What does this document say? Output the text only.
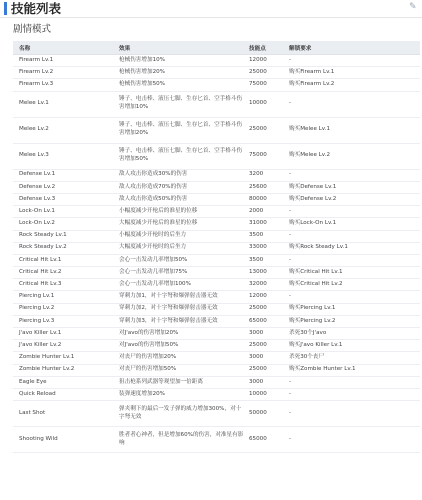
技能列表	✎
剧情模式
名称	效果	技能点	解锁要求
Firearm Lv.1	枪械伤害增加10%	12000	-
Firearm Lv.2	枪械伤害增加20%	25000	购买Firearm Lv.1
Firearm Lv.3	枪械伤害增加50%	75000	购买Firearm Lv.2
Melee Lv.1	锤子、电击棒、液压七脚、生存匕首、空手格斗伤害增加10%	10000	-
Melee Lv.2	锤子、电击棒、液压七脚、生存匕首、空手格斗伤害增加20%	25000	购买Melee Lv.1
Melee Lv.3	锤子、电击棒、液压七脚、生存匕首、空手格斗伤害增加50%	75000	购买Melee Lv.2
Defense Lv.1	敌人攻击你造成30%的伤害	3200	-
Defense Lv.2	敌人攻击你造成70%的伤害	25600	购买Defense Lv.1
Defense Lv.3	敌人攻击你造成50%的伤害	80000	购买Defense Lv.2
Lock-On Lv.1	小幅度减少开枪后的准星的位移	2000	-
Lock-On Lv.2	大幅度减少开枪后的准星的位移	31000	购买Lock-On Lv.1
Rock Steady Lv.1	小幅度减少开枪时的后坐力	3500	-
Rock Steady Lv.2	大幅度减少开枪时的后坐力	33000	购买Rock Steady Lv.1
Critical Hit Lv.1	会心一击发动几率增加50%	3500	-
Critical Hit Lv.2	会心一击发动几率增加75%	13000	购买Critical Hit Lv.1
Critical Hit Lv.3	会心一击发动几率增加100%	32000	购买Critical Hit Lv.2
Piercing Lv.1	穿刺力加1，对十字弩和爆弹射击器无效	12000	-
Piercing Lv.2	穿刺力加2，对十字弩和爆弹射击器无效	25000	购买Piercing Lv.1
Piercing Lv.3	穿刺力加3，对十字弩和爆弹射击器无效	65000	购买Piercing Lv.2
J'avo Killer Lv.1	对J'avo的伤害增加20%	3000	杀死30个J'avo
J'avo Killer Lv.2	对J'avo的伤害增加50%	25000	购买J'avo Killer Lv.1
Zombie Hunter Lv.1	对丧尸的伤害增加20%	3000	杀死30个丧尸
Zombie Hunter Lv.2	对丧尸的伤害增加50%	25000	购买Zombie Hunter Lv.1
Eagle Eye	狙击枪系列武器等观望加一倍距离	3000	-
Quick Reload	装弹速度增加20%	10000	-
Last Shot	弹夹剩下的最后一发子弹的威力增加300%，对十字弩无效	50000	-
Shooting Wild	胜者者心神者，但是增加60%的伤害，对准星有影响	65000	-
